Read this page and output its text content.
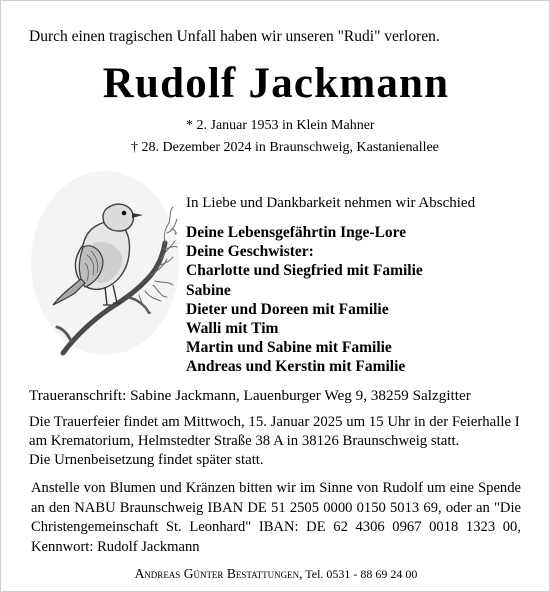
Durch einen tragischen Unfall haben wir unseren "Rudi" verloren.
Rudolf Jackmann
* 2. Januar 1953 in Klein Mahner
† 28. Dezember 2024 in Braunschweig, Kastanienallee
In Liebe und Dankbarkeit nehmen wir Abschied
Deine Lebensgefährtin Inge-Lore
Deine Geschwister:
Charlotte und Siegfried mit Familie
Sabine
Dieter und Doreen mit Familie
Walli mit Tim
Martin und Sabine mit Familie
Andreas und Kerstin mit Familie
Traueranschrift: Sabine Jackmann, Lauenburger Weg 9, 38259 Salzgitter
Die Trauerfeier findet am Mittwoch, 15. Januar 2025 um 15 Uhr in der Feierhalle I
am Krematorium, Helmstedter Straße 38 A in 38126 Braunschweig statt.
Die Urnenbeisetzung findet später statt.
Anstelle von Blumen und Kränzen bitten wir im Sinne von Rudolf um eine Spende
an den NABU Braunschweig IBAN DE 51 2505 0000 0150 5013 69, oder an "Die
Christengemeinschaft St. Leonhard" IBAN: DE 62 4306 0967 0018 1323 00,
Kennwort: Rudolf Jackmann
Andreas Günter Bestattungen, Tel. 0531 - 88 69 24 00
